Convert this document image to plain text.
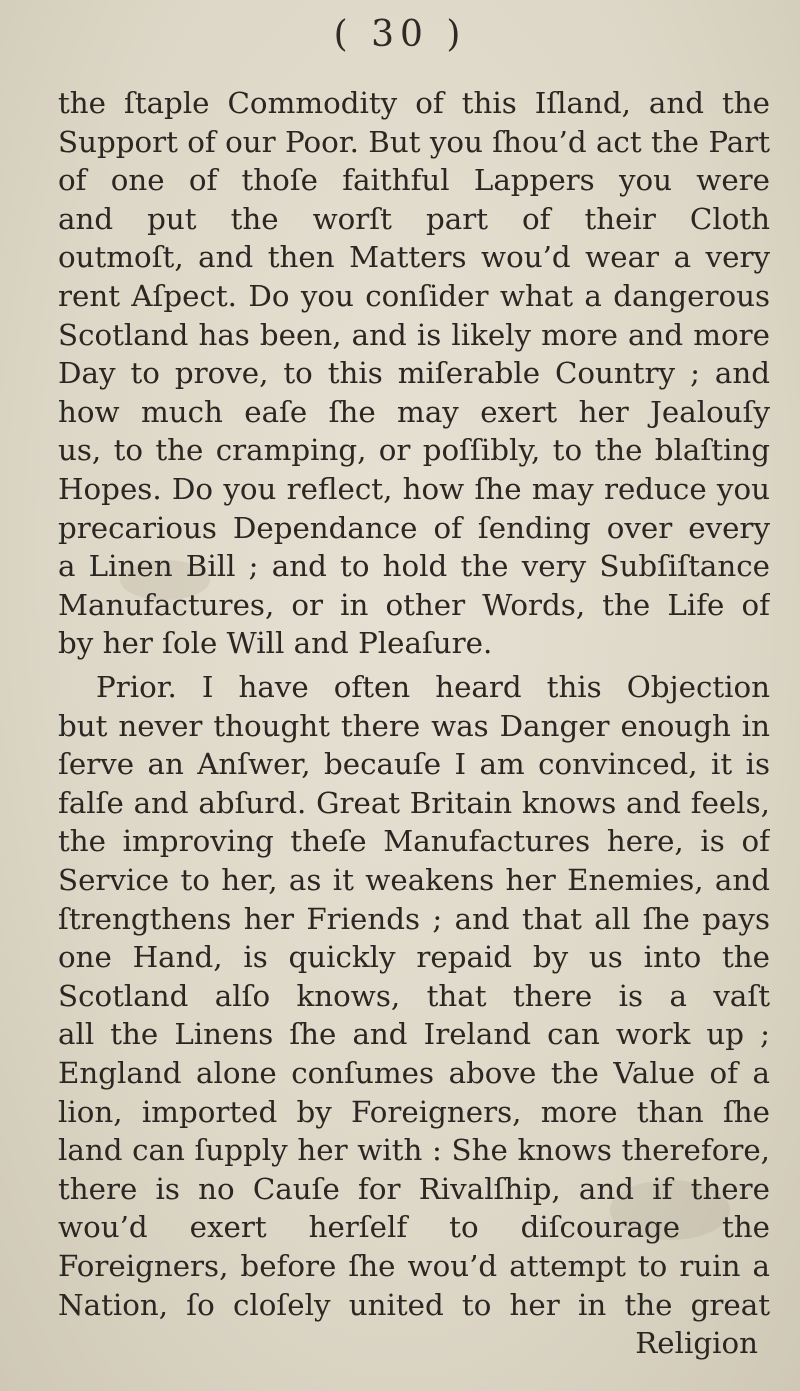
( 30 )
the ſtaple Commodity of this Iſland, and the
Support of our Poor. But you ſhou’d act the Part
of one of thoſe faithful Lappers you were
and put the worſt part of their Cloth
outmoſt, and then Matters wou’d wear a very
rent Aſpect. Do you conſider what a dangerous
Scotland has been, and is likely more and more
Day to prove, to this miſerable Country ; and
how much eaſe ſhe may exert her Jealouſy
us, to the cramping, or poſſibly, to the blaſting
Hopes. Do you reflect, how ſhe may reduce you
precarious Dependance of ſending over every
a Linen Bill ; and to hold the very Subſiſtance
Manufactures, or in other Words, the Life of
by her ſole Will and Pleaſure.
Prior. I have often heard this Objection
but never thought there was Danger enough in
ſerve an Anſwer, becauſe I am convinced, it is
falſe and abſurd. Great Britain knows and feels,
the improving theſe Manufactures here, is of
Service to her, as it weakens her Enemies, and
ſtrengthens her Friends ; and that all ſhe pays
one Hand, is quickly repaid by us into the
Scotland alſo knows, that there is a vaſt
all the Linens ſhe and Ireland can work up ;
England alone conſumes above the Value of a
lion, imported by Foreigners, more than ſhe
land can ſupply her with : She knows therefore,
there is no Cauſe for Rivalſhip, and if there
wou’d exert herſelf to diſcourage the
Foreigners, before ſhe wou’d attempt to ruin a
Nation, ſo cloſely united to her in the great
Religion
